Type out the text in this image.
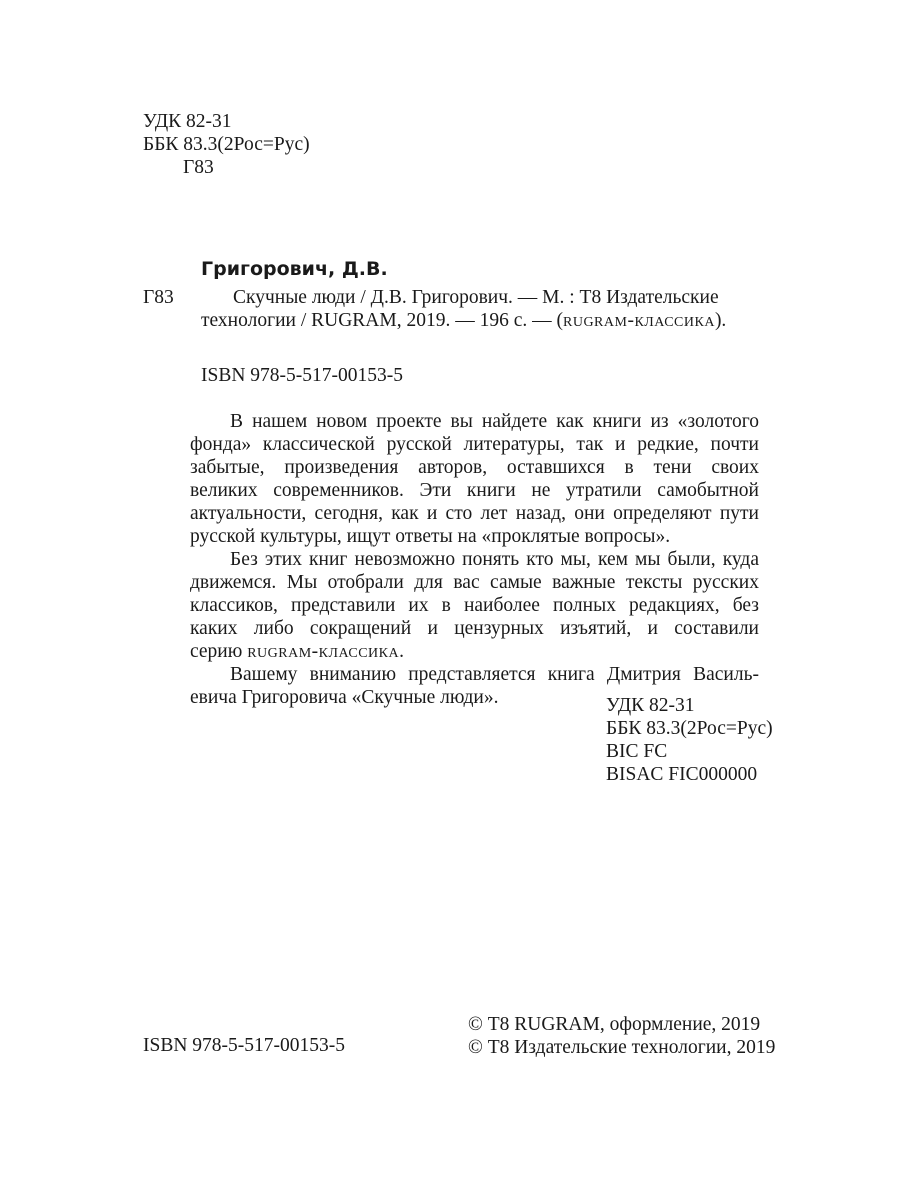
УДК 82-31
ББК 83.3(2Рос=Рус)
Г83
Григорович, Д.В.
Г83	Скучные люди / Д.В. Григорович. — М. : Т8 Издательские
технологии / RUGRAM, 2019. — 196 с. — (rugram-классика).
ISBN 978-5-517-00153-5
В нашем новом проекте вы найдете как книги из «золотого
фонда» классической русской литературы, так и редкие, почти
забытые, произведения авторов, оставшихся в тени своих
великих современников. Эти книги не утратили самобытной
актуальности, сегодня, как и сто лет назад, они определяют пути
русской культуры, ищут ответы на «проклятые вопросы».
Без этих книг невозможно понять кто мы, кем мы были, куда
движемся. Мы отобрали для вас самые важные тексты русских
классиков, представили их в наиболее полных редакциях, без
каких либо сокращений и цензурных изъятий, и составили
серию rugram-классика.
Вашему вниманию представляется книга Дмитрия Василь-
евича Григоровича «Скучные люди».	УДК 82-31
ББК 83.3(2Рос=Рус)
BIC FC
BISAC FIC000000
ISBN 978-5-517-00153-5
© Т8 RUGRAM, оформление, 2019
© Т8 Издательские технологии, 2019
